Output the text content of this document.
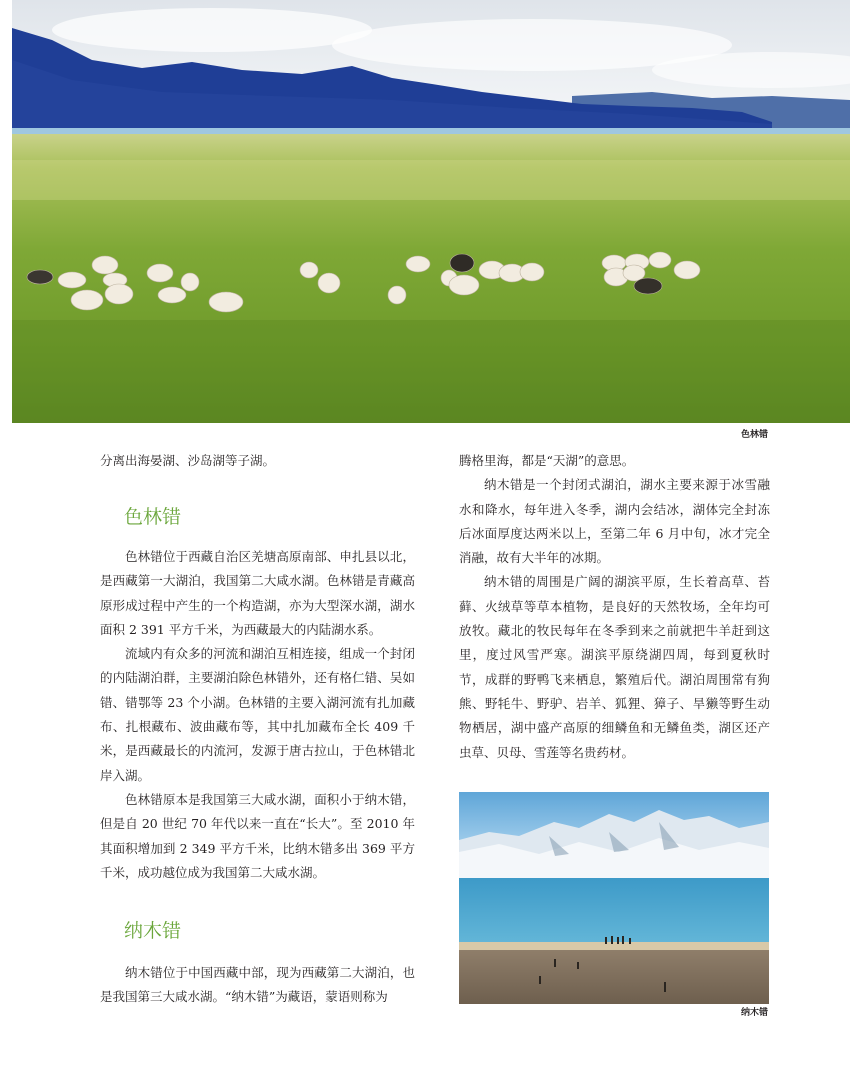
色林错

分离出海晏湖、沙岛湖等子湖。

色林错

色林错位于西藏自治区羌塘高原南部、申扎县以北，是西藏第一大湖泊，我国第二大咸水湖。色林错是青藏高原形成过程中产生的一个构造湖，亦为大型深水湖，湖水面积 2 391 平方千米，为西藏最大的内陆湖水系。

流域内有众多的河流和湖泊互相连接，组成一个封闭的内陆湖泊群，主要湖泊除色林错外，还有格仁错、吴如错、错鄂等 23 个小湖。色林错的主要入湖河流有扎加藏布、扎根藏布、波曲藏布等，其中扎加藏布全长 409 千米，是西藏最长的内流河，发源于唐古拉山，于色林错北岸入湖。

色林错原本是我国第三大咸水湖，面积小于纳木错，但是自 20 世纪 70 年代以来一直在“长大”。至 2010 年其面积增加到 2 349 平方千米，比纳木错多出 369 平方千米，成功越位成为我国第二大咸水湖。

纳木错

纳木错位于中国西藏中部，现为西藏第二大湖泊，也是我国第三大咸水湖。“纳木错”为藏语，蒙语则称为

腾格里海，都是“天湖”的意思。

纳木错是一个封闭式湖泊，湖水主要来源于冰雪融水和降水，每年进入冬季，湖内会结冰，湖体完全封冻后冰面厚度达两米以上，至第二年 6 月中旬，冰才完全消融，故有大半年的冰期。

纳木错的周围是广阔的湖滨平原，生长着高草、苔藓、火绒草等草本植物，是良好的天然牧场，全年均可放牧。藏北的牧民每年在冬季到来之前就把牛羊赶到这里，度过风雪严寒。湖滨平原绕湖四周，每到夏秋时节，成群的野鸭飞来栖息，繁殖后代。湖泊周围常有狗熊、野牦牛、野驴、岩羊、狐狸、獐子、旱獭等野生动物栖居，湖中盛产高原的细鳞鱼和无鳞鱼类，湖区还产虫草、贝母、雪莲等名贵药材。

纳木错
